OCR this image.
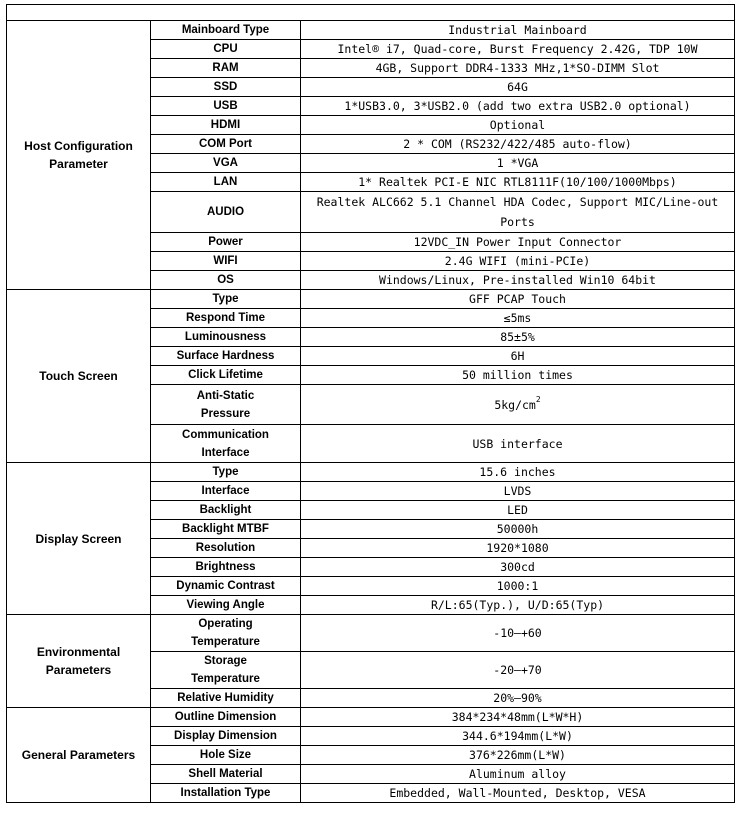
Host Configuration Parameter	Mainboard Type	Industrial Mainboard
	CPU	Intel® i7, Quad-core, Burst Frequency 2.42G, TDP 10W
	RAM	4GB, Support DDR4-1333 MHz,1*SO-DIMM Slot
	SSD	64G
	USB	1*USB3.0, 3*USB2.0 (add two extra USB2.0 optional)
	HDMI	Optional
	COM Port	2 * COM (RS232/422/485 auto-flow)
	VGA	1 *VGA
	LAN	1* Realtek PCI-E NIC RTL8111F(10/100/1000Mbps)
	AUDIO	Realtek ALC662 5.1 Channel HDA Codec, Support MIC/Line-out Ports
	Power	12VDC_IN Power Input Connector
	WIFI	2.4G WIFI (mini-PCIe)
	OS	Windows/Linux, Pre-installed Win10 64bit
Touch Screen	Type	GFF PCAP Touch
	Respond Time	≤5ms
	Luminousness	85±5%
	Surface Hardness	6H
	Click Lifetime	50 million times
	Anti-Static Pressure	$5kg/cm^2$
	Communication Interface	USB interface
Display Screen	Type	15.6 inches
	Interface	LVDS
	Backlight	LED
	Backlight MTBF	50000h
	Resolution	1920*1080
	Brightness	300cd
	Dynamic Contrast	1000:1
	Viewing Angle	R/L:65(Typ.), U/D:65(Typ)
Environmental Parameters	Operating Temperature	-10—+60
	Storage Temperature	-20—+70
	Relative Humidity	20%—90%
General Parameters	Outline Dimension	384*234*48mm(L*W*H)
	Display Dimension	344.6*194mm(L*W)
	Hole Size	376*226mm(L*W)
	Shell Material	Aluminum alloy
	Installation Type	Embedded, Wall-Mounted, Desktop, VESA
